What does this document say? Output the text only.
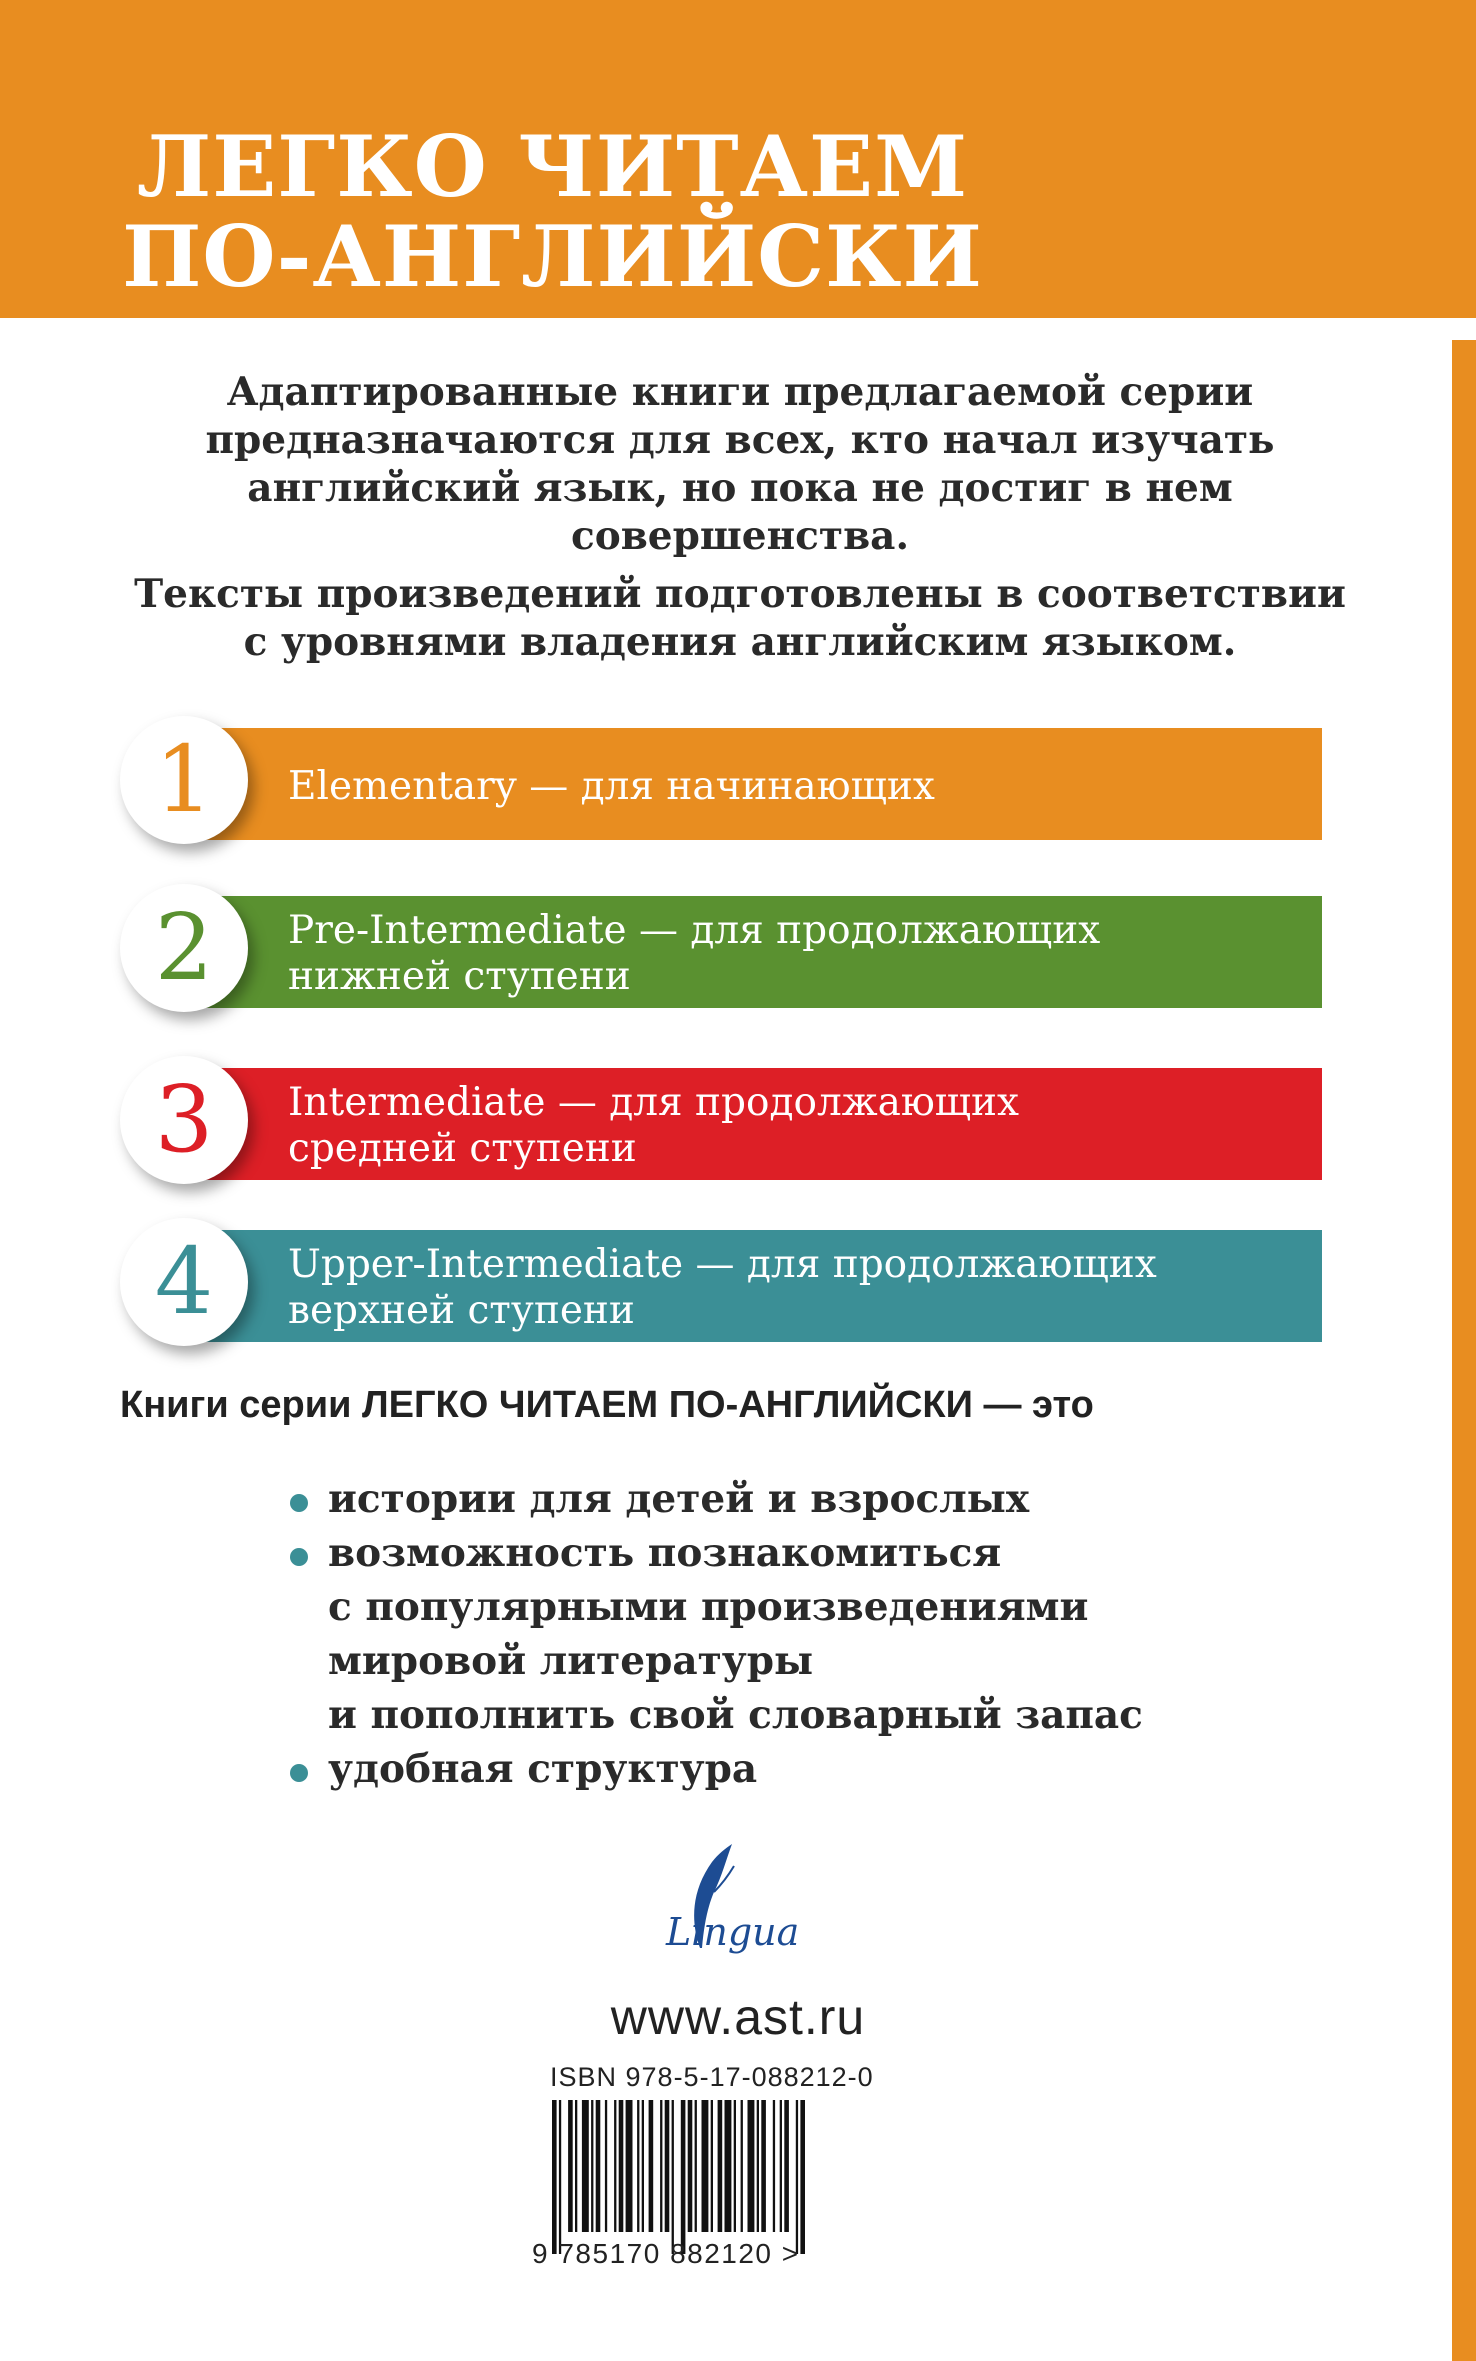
ЛЕГКО ЧИТАЕМ
ПО-АНГЛИЙСКИ
Адаптированные книги предлагаемой серии
предназначаются для всех, кто начал изучать
английский язык, но пока не достиг в нем
совершенства.
Тексты произведений подготовлены в соответствии
с уровнями владения английским языком.
1	Elementary — для начинающих
2	Pre-Intermediate — для продолжающих
нижней ступени
3	Intermediate — для продолжающих
средней ступени
4	Upper-Intermediate — для продолжающих
верхней ступени
Книги серии ЛЕГКО ЧИТАЕМ ПО-АНГЛИЙСКИ — это
истории для детей и взрослых
возможность познакомиться
с популярными произведениями
мировой литературы
и пополнить свой словарный запас
удобная структура
Lingua
www.ast.ru
ISBN 978-5-17-088212-0
9 785170 882120 >
